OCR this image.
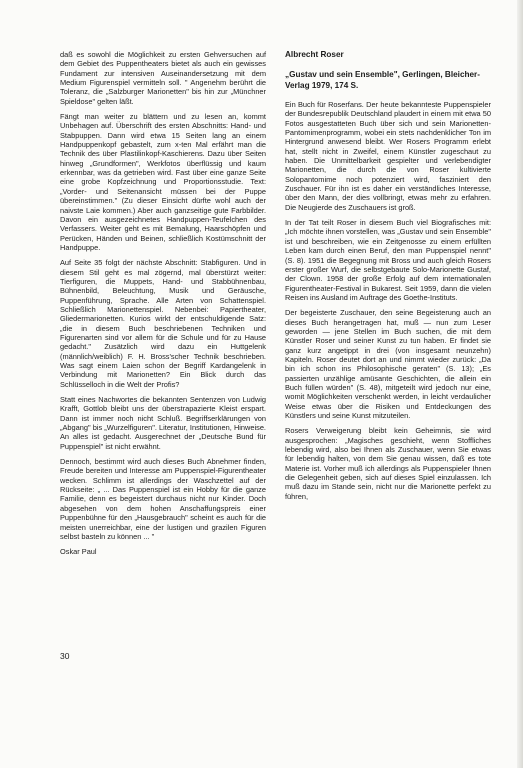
daß es sowohl die Möglichkeit zu ersten Gehversuchen auf dem Gebiet des Puppentheaters bietet als auch ein gewisses Fundament zur intensiven Auseinandersetzung mit dem Medium Figurenspiel vermitteln soll. " Angenehm berührt die Toleranz, die „Salzburger Marionetten" bis hin zur „Münchner Spieldose" gelten läßt.

Fängt man weiter zu blättern und zu lesen an, kommt Unbehagen auf. Überschrift des ersten Abschnitts: Hand- und Stabpuppen. Dann wird etwa 15 Seiten lang an einem Handpuppenkopf gebastelt, zum x-ten Mal erfährt man die Technik des über Plastilinkopf-Kaschierens. Dazu über Seiten hinweg „Grundformen", Werkfotos überflüssig und kaum erkennbar, was da getrieben wird. Fast über eine ganze Seite eine grobe Kopfzeichnung und Proportionsstudie. Text: „Vorder- und Seitenansicht müssen bei der Puppe übereinstimmen." (Zu dieser Einsicht dürfte wohl auch der naivste Laie kommen.) Aber auch ganzseitige gute Farbbilder. Davon ein ausgezeichnetes Handpuppen-Teufelchen des Verfassers. Weiter geht es mit Bemalung, Haarschöpfen und Perücken, Händen und Beinen, schließlich Kostümschnitt der Handpuppe.

Auf Seite 35 folgt der nächste Abschnitt: Stabfiguren. Und in diesem Stil geht es mal zögernd, mal überstürzt weiter: Tierfiguren, die Muppets, Hand- und Stabbühnenbau, Bühnenbild, Beleuchtung, Musik und Geräusche, Puppenführung, Sprache. Alle Arten von Schattenspiel. Schließlich Marionettenspiel. Nebenbei: Papiertheater, Gliedermarionetten. Kurios wirkt der entschuldigende Satz: „die in diesem Buch beschriebenen Techniken und Figurenarten sind vor allem für die Schule und für zu Hause gedacht." Zusätzlich wird dazu ein Huttgelenk (männlich/weiblich) F. H. Bross'scher Technik beschrieben. Was sagt einem Laien schon der Begriff Kardangelenk in Verbindung mit Marionetten? Ein Blick durch das Schlüsselloch in die Welt der Profis?

Statt eines Nachwortes die bekannten Sentenzen von Ludwig Krafft, Gottlob bleibt uns der überstrapazierte Kleist erspart. Dann ist immer noch nicht Schluß. Begriffserklärungen von „Abgang" bis „Wurzelfiguren". Literatur, Institutionen, Hinweise. An alles ist gedacht. Ausgerechnet der „Deutsche Bund für Puppenspiel" ist nicht erwähnt.

Dennoch, bestimmt wird auch dieses Buch Abnehmer finden, Freude bereiten und Interesse am Puppenspiel-Figurentheater wecken. Schlimm ist allerdings der Waschzettel auf der Rückseite: „ ... Das Puppenspiel ist ein Hobby für die ganze Familie, denn es begeistert durchaus nicht nur Kinder. Doch abgesehen von dem hohen Anschaffungspreis einer Puppenbühne für den „Hausgebrauch" scheint es auch für die meisten unerreichbar, eine der lustigen und grazilen Figuren selbst basteln zu können ... "

Oskar Paul

Albrecht Roser
„Gustav und sein Ensemble", Gerlingen, Bleicher-Verlag 1979, 174 S.

Ein Buch für Roserfans. Der heute bekannteste Puppenspieler der Bundesrepublik Deutschland plaudert in einem mit etwa 50 Fotos ausgestatteten Buch über sich und sein Marionetten-Pantomimenprogramm, wobei ein stets nachdenklicher Ton im Hintergrund anwesend bleibt. Wer Rosers Programm erlebt hat, stellt nicht in Zweifel, einem Künstler zugeschaut zu haben. Die Unmittelbarkeit gespielter und verlebendigter Marionetten, die durch die von Roser kultivierte Solopantomime noch potenziert wird, fasziniert den Zuschauer. Für ihn ist es daher ein verständliches Interesse, über den Mann, der dies vollbringt, etwas mehr zu erfahren. Die Neugierde des Zuschauers ist groß.

In der Tat teilt Roser in diesem Buch viel Biografisches mit: „Ich möchte ihnen vorstellen, was „Gustav und sein Ensemble" ist und beschreiben, wie ein Zeitgenosse zu einem erfüllten Leben kam durch einen Beruf, den man Puppenspiel nennt" (S. 8). 1951 die Begegnung mit Bross und auch gleich Rosers erster großer Wurf, die selbstgebaute Solo-Marionette Gustaf, der Clown. 1958 der große Erfolg auf dem internationalen Figurentheater-Festival in Bukarest. Seit 1959, dann die vielen Reisen ins Ausland im Auftrage des Goethe-Instituts.

Der begeisterte Zuschauer, den seine Begeisterung auch an dieses Buch herangetragen hat, muß — nun zum Leser geworden — jene Stellen im Buch suchen, die mit dem Künstler Roser und seiner Kunst zu tun haben. Er findet sie ganz kurz angetippt in drei (von insgesamt neunzehn) Kapiteln. Roser deutet dort an und nimmt wieder zurück: „Da bin ich schon ins Philosophische geraten" (S. 13); „Es passierten unzählige amüsante Geschichten, die allein ein Buch füllen würden" (S. 48), mitgeteilt wird jedoch nur eine, womit Möglichkeiten verschenkt werden, in leicht verdaulicher Weise etwas über die Risiken und Entdeckungen des Künstlers und seine Kunst mitzuteilen.

Rosers Verweigerung bleibt kein Geheimnis, sie wird ausgesprochen: „Magisches geschieht, wenn Stoffliches lebendig wird, also bei Ihnen als Zuschauer, wenn Sie etwas für lebendig halten, von dem Sie genau wissen, daß es tote Materie ist. Vorher muß ich allerdings als Puppenspieler Ihnen die Gelegenheit geben, sich auf dieses Spiel einzulassen. Ich muß dazu im Stande sein, nicht nur die Marionette perfekt zu führen,

30
